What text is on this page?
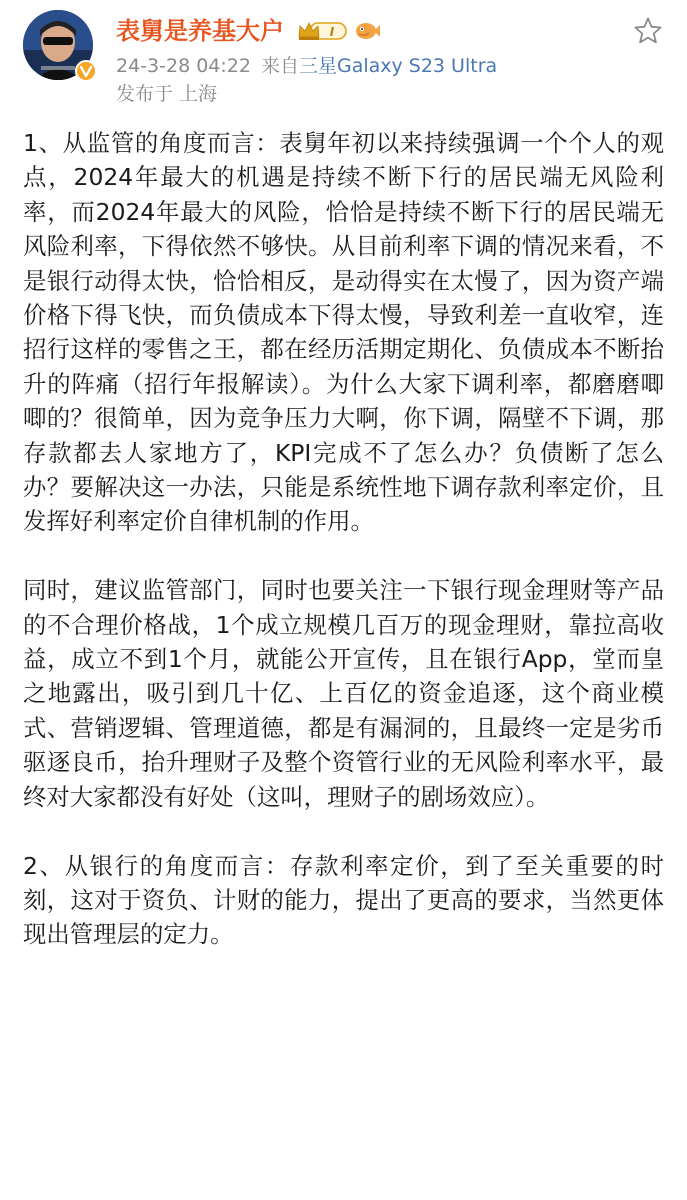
表舅是养基大户	I
24-3-28 04:22 来自三星Galaxy S23 Ultra
发布于 上海

1、从监管的角度而言：表舅年初以来持续强调一个个人的观点，2024年最大的机遇是持续不断下行的居民端无风险利率，而2024年最大的风险，恰恰是持续不断下行的居民端无风险利率，下得依然不够快。从目前利率下调的情况来看，不是银行动得太快，恰恰相反，是动得实在太慢了，因为资产端价格下得飞快，而负债成本下得太慢，导致利差一直收窄，连招行这样的零售之王，都在经历活期定期化、负债成本不断抬升的阵痛（招行年报解读）。为什么大家下调利率，都磨磨唧唧的？很简单，因为竞争压力大啊，你下调，隔壁不下调，那存款都去人家地方了，KPI完成不了怎么办？负债断了怎么办？要解决这一办法，只能是系统性地下调存款利率定价，且发挥好利率定价自律机制的作用。

同时，建议监管部门，同时也要关注一下银行现金理财等产品的不合理价格战，1个成立规模几百万的现金理财，靠拉高收益，成立不到1个月，就能公开宣传，且在银行App，堂而皇之地露出，吸引到几十亿、上百亿的资金追逐，这个商业模式、营销逻辑、管理道德，都是有漏洞的，且最终一定是劣币驱逐良币，抬升理财子及整个资管行业的无风险利率水平，最终对大家都没有好处（这叫，理财子的剧场效应）。

2、从银行的角度而言：存款利率定价，到了至关重要的时刻，这对于资负、计财的能力，提出了更高的要求，当然更体现出管理层的定力。
